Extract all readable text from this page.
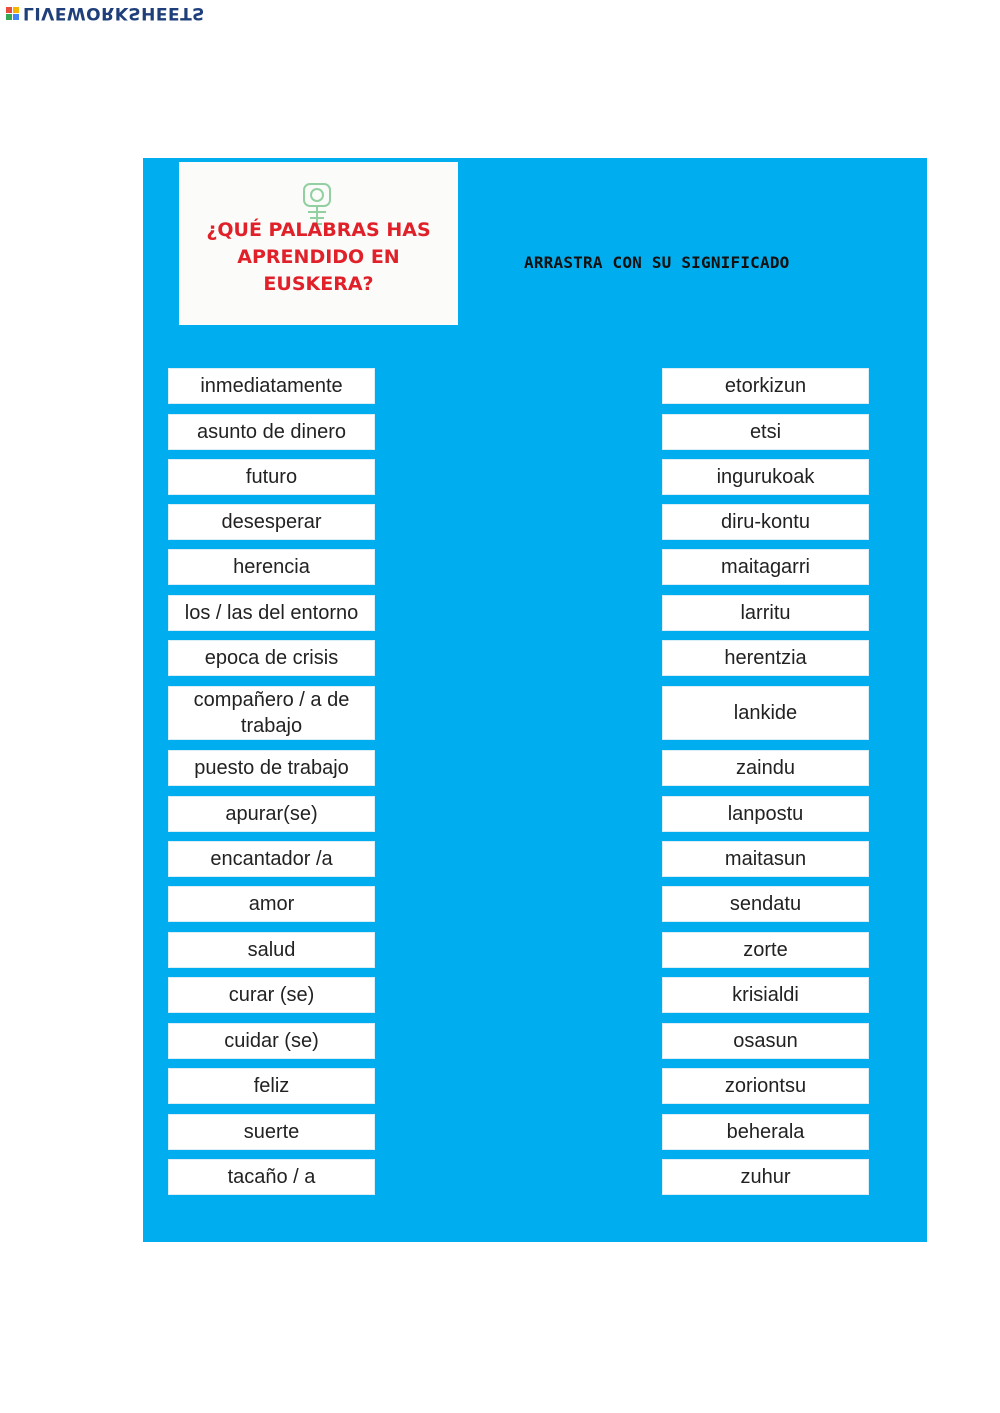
LIVEWORKSHEETS
¿QUÉ PALABRAS HAS
APRENDIDO EN
EUSKERA?
ARRASTRA CON SU SIGNIFICADO
inmediatamente
asunto de dinero
futuro
desesperar
herencia
los / las del entorno
epoca de crisis
compañero / a de trabajo
puesto de trabajo
apurar(se)
encantador /a
amor
salud
curar (se)
cuidar (se)
feliz
suerte
tacaño / a
etorkizun
etsi
ingurukoak
diru-kontu
maitagarri
larritu
herentzia
lankide
zaindu
lanpostu
maitasun
sendatu
zorte
krisialdi
osasun
zoriontsu
beherala
zuhur
